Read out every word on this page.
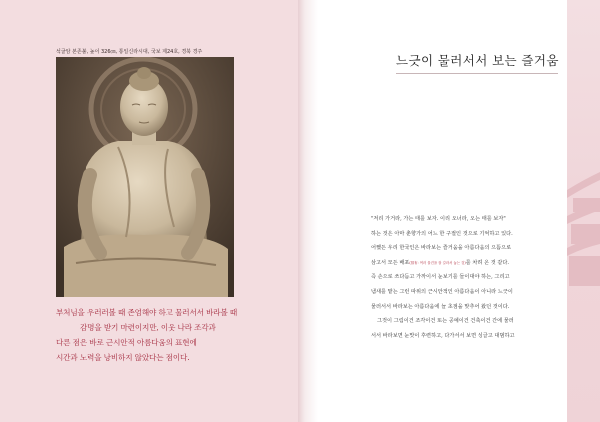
석굴암 본존불, 높이 326㎝, 통일신라시대, 국보 제24호, 경북 경주
부처님을 우러러볼 때 존엄해야 하고 물러서서 바라볼 때
감명을 받기 마련이지만, 이웃 나라 조각과
다른 점은 바로 근시안적 아름다움의 표현에
시간과 노력을 낭비하지 않았다는 점이다.
느긋이 물러서서 보는 즐거움
"저리 가거라, 가는 태를 보자. 이리 오너라, 오는 태를 보자"
하는 것은 아마 춘향가의 어느 한 구절인 것으로 기억하고 있다.
어쨌든 우리 한국인은 바라보는 즐거움을 아름다움의 으뜸으로
삼고서 모든 배포(排布: 여러 물건을 잘 갈라서 놓는 것)를 차려 온 것 같다.
즉 손으로 쓰다듬고 가까이서 눈보기를 들이대야 하는, 그리고
냄새를 맡는 그런 따위의 근시안적인 아름다움이 아니라 느긋이
물러서서 바라보는 아름다움에 늘 초점을 맞추어 왔던 것이다.
그것이 그림이건 조각이건 또는 공예이건 건축이건 간에 물러
서서 바라보면 눈맛이 후련하고, 다가서서 보면 싱글고 대범하고
